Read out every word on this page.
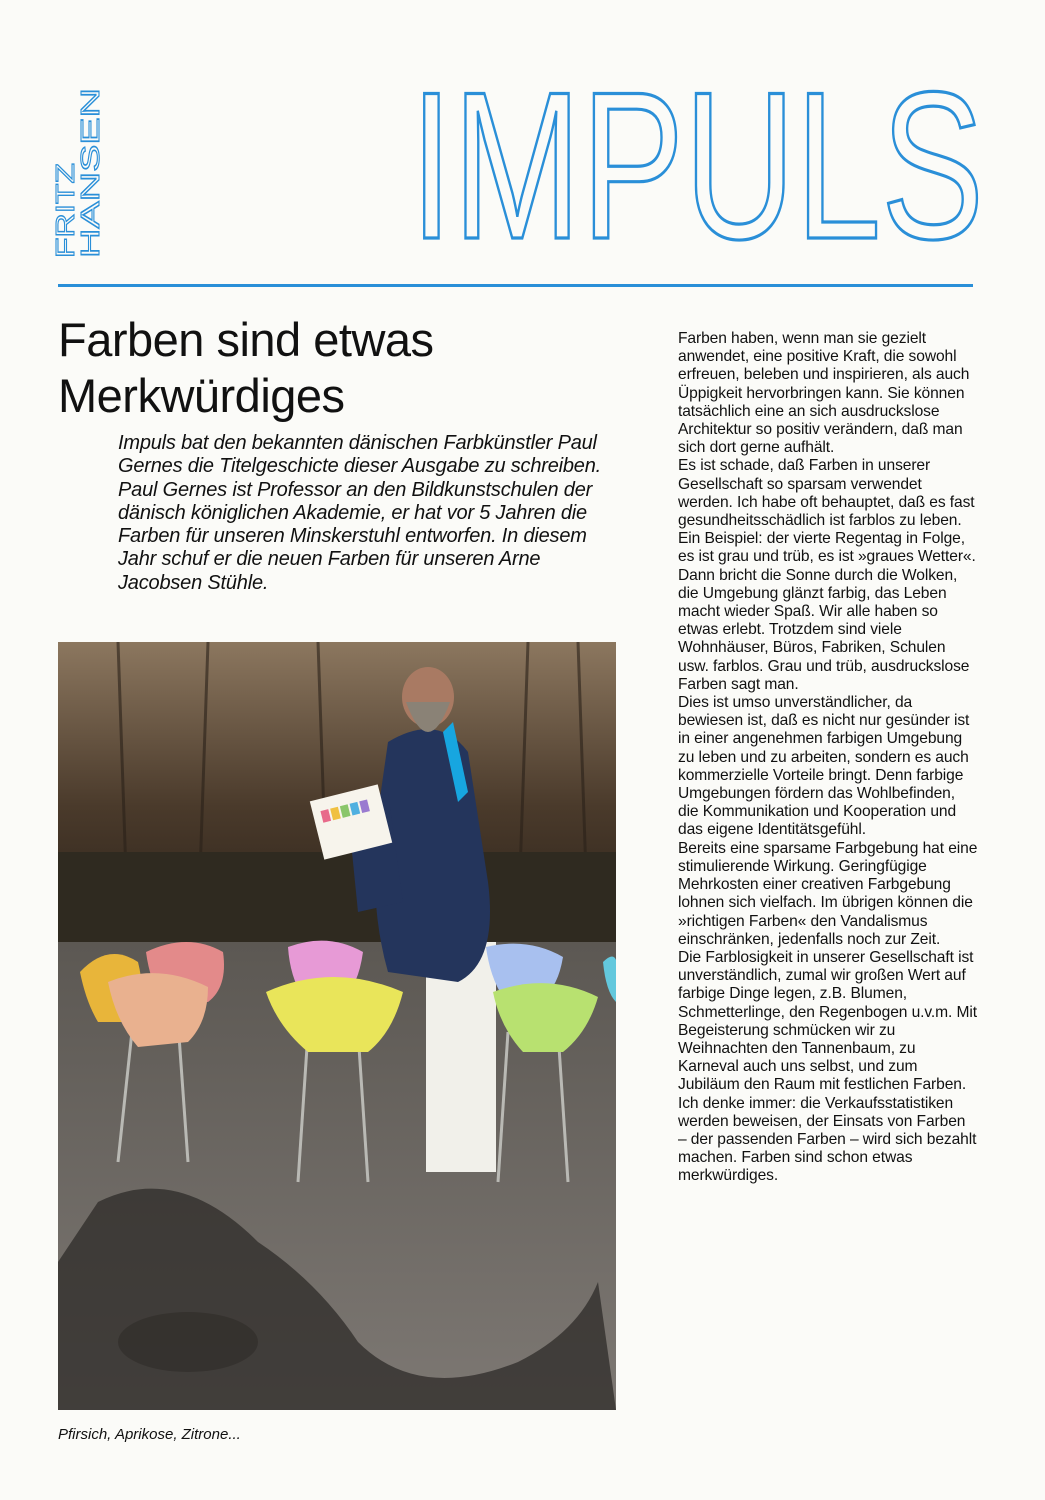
FRITZ
HANSEN IMPULS
Farben sind etwas
Merkwürdiges

Impuls bat den bekannten dänischen Farbkünstler Paul Gernes die Titelgeschicte dieser Ausgabe zu schreiben. Paul Gernes ist Professor an den Bildkunstschulen der dänisch königlichen Akademie, er hat vor 5 Jahren die Farben für unseren Minskerstuhl entworfen. In diesem Jahr schuf er die neuen Farben für unseren Arne Jacobsen Stühle.

Pfirsich, Aprikose, Zitrone...

Farben haben, wenn man sie gezielt anwendet, eine positive Kraft, die sowohl erfreuen, beleben und inspirieren, als auch Üppigkeit hervorbringen kann. Sie können tatsächlich eine an sich ausdruckslose Architektur so positiv verändern, daß man sich dort gerne aufhält.

Es ist schade, daß Farben in unserer Gesellschaft so sparsam verwendet werden. Ich habe oft behauptet, daß es fast gesundheitsschädlich ist farblos zu leben. Ein Beispiel: der vierte Regentag in Folge, es ist grau und trüb, es ist »graues Wetter«. Dann bricht die Sonne durch die Wolken, die Umgebung glänzt farbig, das Leben macht wieder Spaß. Wir alle haben so etwas erlebt. Trotzdem sind viele Wohnhäuser, Büros, Fabriken, Schulen usw. farblos. Grau und trüb, ausdruckslose Farben sagt man.

Dies ist umso unverständlicher, da bewiesen ist, daß es nicht nur gesünder ist in einer angenehmen farbigen Umgebung zu leben und zu arbeiten, sondern es auch kommerzielle Vorteile bringt. Denn farbige Umgebungen fördern das Wohlbefinden, die Kommunikation und Kooperation und das eigene Identitätsgefühl.

Bereits eine sparsame Farbgebung hat eine stimulierende Wirkung. Geringfügige Mehrkosten einer creativen Farbgebung lohnen sich vielfach. Im übrigen können die »richtigen Farben« den Vandalismus einschränken, jedenfalls noch zur Zeit.

Die Farblosigkeit in unserer Gesellschaft ist unverständlich, zumal wir großen Wert auf farbige Dinge legen, z.B. Blumen, Schmetterlinge, den Regenbogen u.v.m. Mit Begeisterung schmücken wir zu Weihnachten den Tannenbaum, zu Karneval auch uns selbst, und zum Jubiläum den Raum mit festlichen Farben.

Ich denke immer: die Verkaufsstatistiken werden beweisen, der Einsats von Farben – der passenden Farben – wird sich bezahlt machen. Farben sind schon etwas merkwürdiges.
